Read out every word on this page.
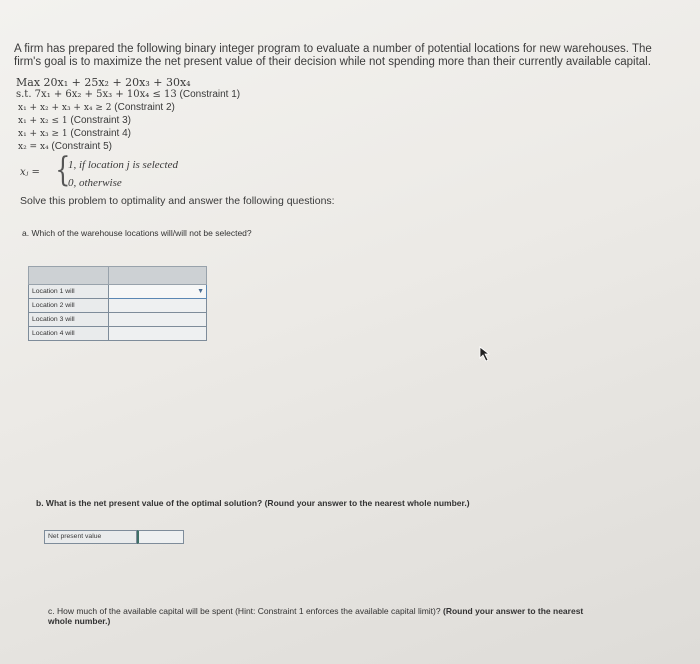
A firm has prepared the following binary integer program to evaluate a number of potential locations for new warehouses. The firm's goal is to maximize the net present value of their decision while not spending more than their currently available capital.
Max 20x₁ + 25x₂ + 20x₃ + 30x₄
s.t. 7x₁ + 6x₂ + 5x₃ + 10x₄ ≤ 13 (Constraint 1)
x₁ + x₂ + x₃ + x₄ ≥ 2 (Constraint 2)
x₁ + x₂ ≤ 1 (Constraint 3)
x₁ + x₃ ≥ 1 (Constraint 4)
x₂ = x₄ (Constraint 5)
xⱼ = {
1, if location j is selected
0, otherwise
Solve this problem to optimality and answer the following questions:
a. Which of the warehouse locations will/will not be selected?

Location 1 will	▼

Location 2 will	
Location 3 will	
Location 4 will	
b. What is the net present value of the optimal solution? (Round your answer to the nearest whole number.)
Net present value
c. How much of the available capital will be spent (Hint: Constraint 1 enforces the available capital limit)? (Round your answer to the nearest whole number.)
